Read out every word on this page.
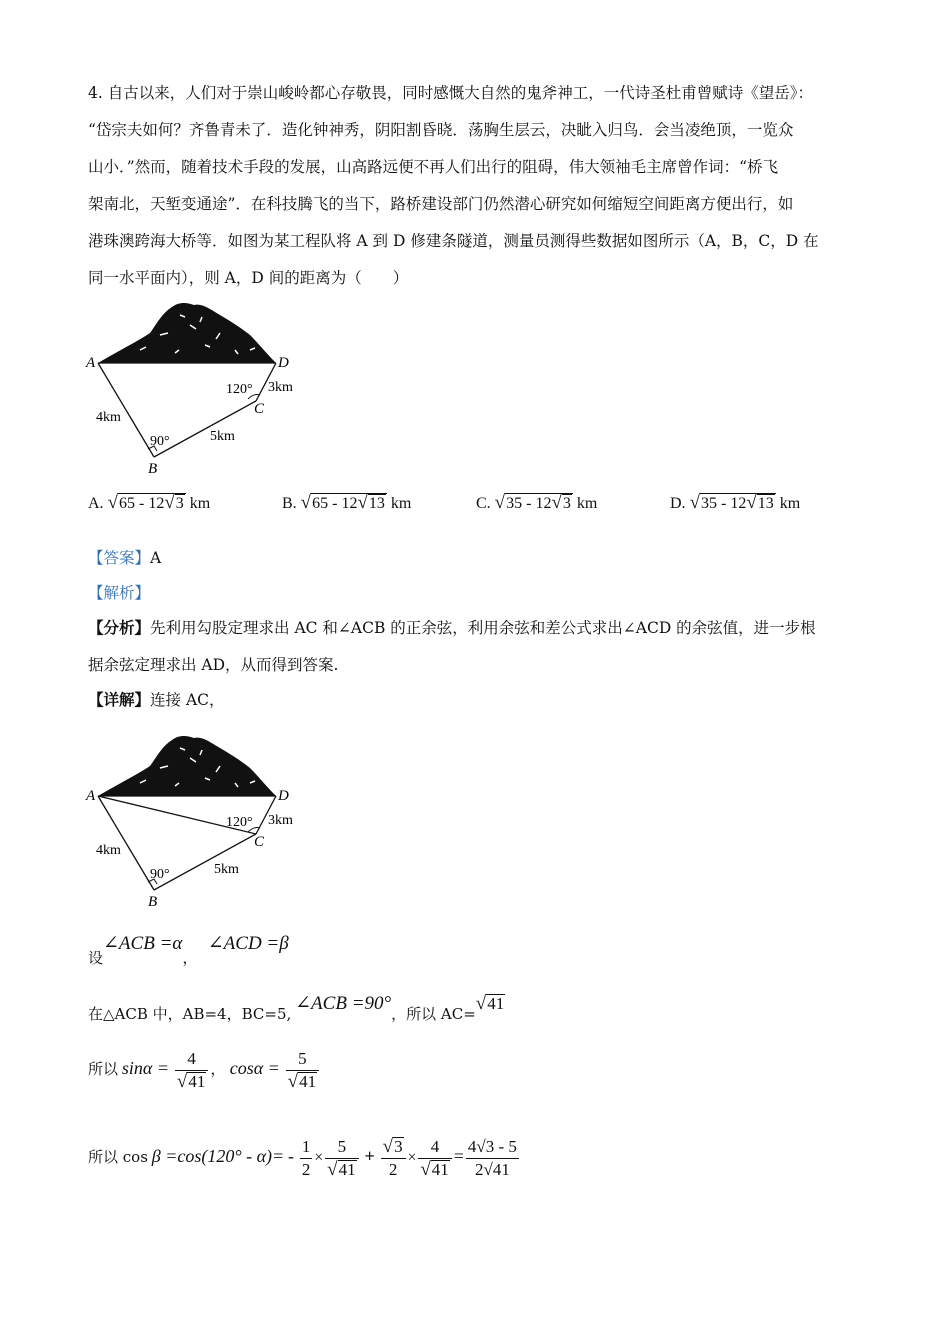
4. 自古以来，人们对于崇山峻岭都心存敬畏，同时感慨大自然的鬼斧神工，一代诗圣杜甫曾赋诗《望岳》：
“岱宗夫如何？齐鲁青未了．造化钟神秀，阴阳割昏晓．荡胸生层云，决眦入归鸟．会当凌绝顶，一览众
山小．”然而，随着技术手段的发展，山高路远便不再人们出行的阻碍，伟大领袖毛主席曾作词：“桥飞
架南北，天堑变通途”．在科技腾飞的当下，路桥建设部门仍然潜心研究如何缩短空间距离方便出行，如
港珠澳跨海大桥等．如图为某工程队将 A 到 D 修建条隧道，测量员测得些数据如图所示（A，B，C，D 在
同一水平面内），则 A，D 间的距离为（　　）
A	D
C
B
4km
5km
3km
90°
120°
A. √65 - 12√3 km	B. √65 - 12√13 km	C. √35 - 12√3 km	D. √35 - 12√13 km
【答案】A
【解析】
【分析】先利用勾股定理求出 AC 和∠ACB 的正余弦，利用余弦和差公式求出∠ACD 的余弦值，进一步根
据余弦定理求出 AD，从而得到答案.
【详解】连接 AC，
A	D
C
B
4km
5km
3km
90°
120°
设∠ACB =α， ∠ACD =β
在△ACB 中，AB=4，BC=5, ∠ACB =90°，所以 AC=√41
所以 $\sin\alpha = \frac{4}{√41}$ ， $\cos\alpha = \frac{5}{√41}$
所以 $\cos \beta =\cos(120^\circ - \alpha)= - \frac{1}{2} \times \frac{5}{√41} + \frac{√3}{2} \times \frac{4}{√41} = \frac{4√3 - 5}{2√41}$
